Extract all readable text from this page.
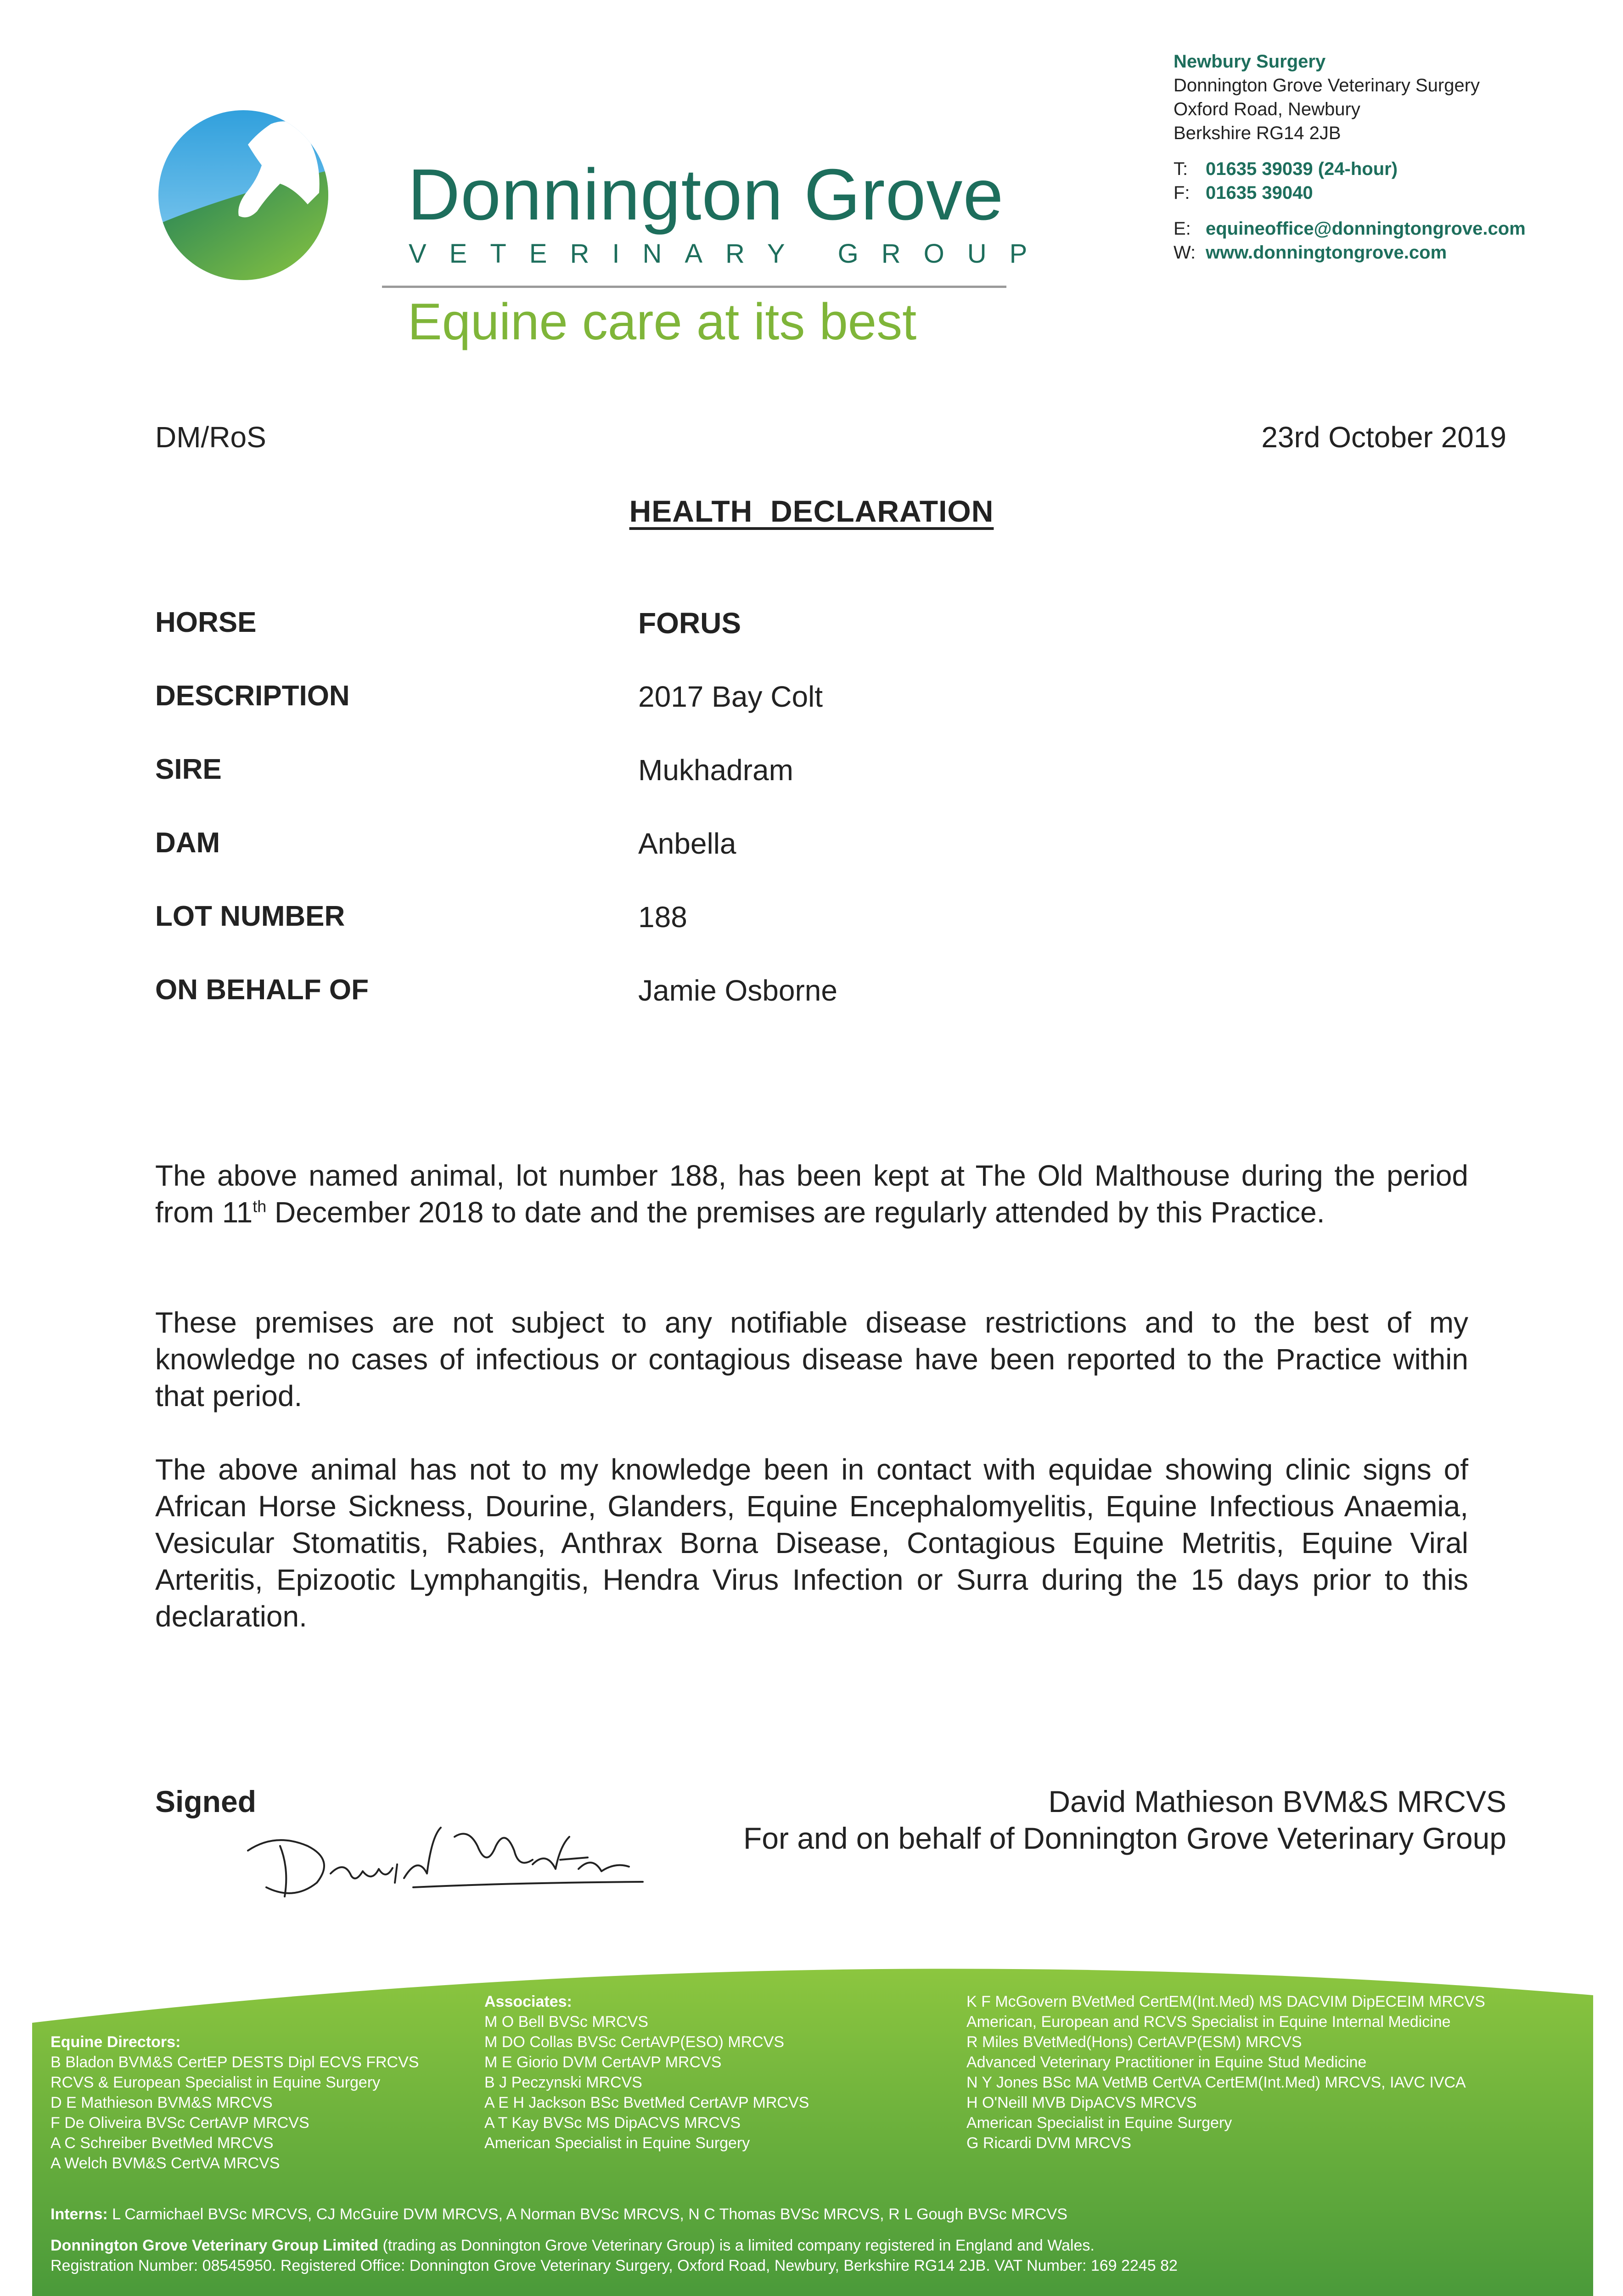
Donnington Grove
VETERINARY GROUP
Equine care at its best
Newbury Surgery
Donnington Grove Veterinary Surgery
Oxford Road, Newbury
Berkshire RG14 2JB
T: 01635 39039 (24-hour)
F: 01635 39040
E: equineoffice@donningtongrove.com
W: www.donningtongrove.com
DM/RoS	23rd October 2019
HEALTH  DECLARATION
HORSE	FORUS
DESCRIPTION	2017 Bay Colt
SIRE	Mukhadram
DAM	Anbella
LOT NUMBER	188
ON BEHALF OF	Jamie Osborne
The above named animal, lot number 188, has been kept at The Old Malthouse during the period from 11th December 2018 to date and the premises are regularly attended by this Practice.
These premises are not subject to any notifiable disease restrictions and to the best of my knowledge no cases of infectious or contagious disease have been reported to the Practice within that period.
The above animal has not to my knowledge been in contact with equidae showing clinic signs of African Horse Sickness, Dourine, Glanders, Equine Encephalomyelitis, Equine Infectious Anaemia, Vesicular Stomatitis, Rabies, Anthrax Borna Disease, Contagious Equine Metritis, Equine Viral Arteritis, Epizootic Lymphangitis, Hendra Virus Infection or Surra during the 15 days prior to this declaration.
Signed	David Mathieson BVM&S MRCVS
For and on behalf of Donnington Grove Veterinary Group
Equine Directors:
B Bladon BVM&S CertEP DESTS Dipl ECVS FRCVS
RCVS & European Specialist in Equine Surgery
D E Mathieson BVM&S MRCVS
F De Oliveira BVSc CertAVP MRCVS
A C Schreiber BvetMed MRCVS
A Welch BVM&S CertVA MRCVS
Associates:
M O Bell BVSc MRCVS
M DO Collas BVSc CertAVP(ESO) MRCVS
M E Giorio DVM CertAVP MRCVS
B J Peczynski MRCVS
A E H Jackson BSc BvetMed CertAVP MRCVS
A T Kay BVSc MS DipACVS MRCVS
American Specialist in Equine Surgery
K F McGovern BVetMed CertEM(Int.Med) MS DACVIM DipECEIM MRCVS
American, European and RCVS Specialist in Equine Internal Medicine
R Miles BVetMed(Hons) CertAVP(ESM) MRCVS
Advanced Veterinary Practitioner in Equine Stud Medicine
N Y Jones BSc MA VetMB CertVA CertEM(Int.Med) MRCVS, IAVC IVCA
H O'Neill MVB DipACVS MRCVS
American Specialist in Equine Surgery
G Ricardi DVM MRCVS
Interns: L Carmichael BVSc MRCVS, CJ McGuire DVM MRCVS, A Norman BVSc MRCVS, N C Thomas BVSc MRCVS, R L Gough BVSc MRCVS
Donnington Grove Veterinary Group Limited (trading as Donnington Grove Veterinary Group) is a limited company registered in England and Wales.
Registration Number: 08545950. Registered Office: Donnington Grove Veterinary Surgery, Oxford Road, Newbury, Berkshire RG14 2JB. VAT Number: 169 2245 82
